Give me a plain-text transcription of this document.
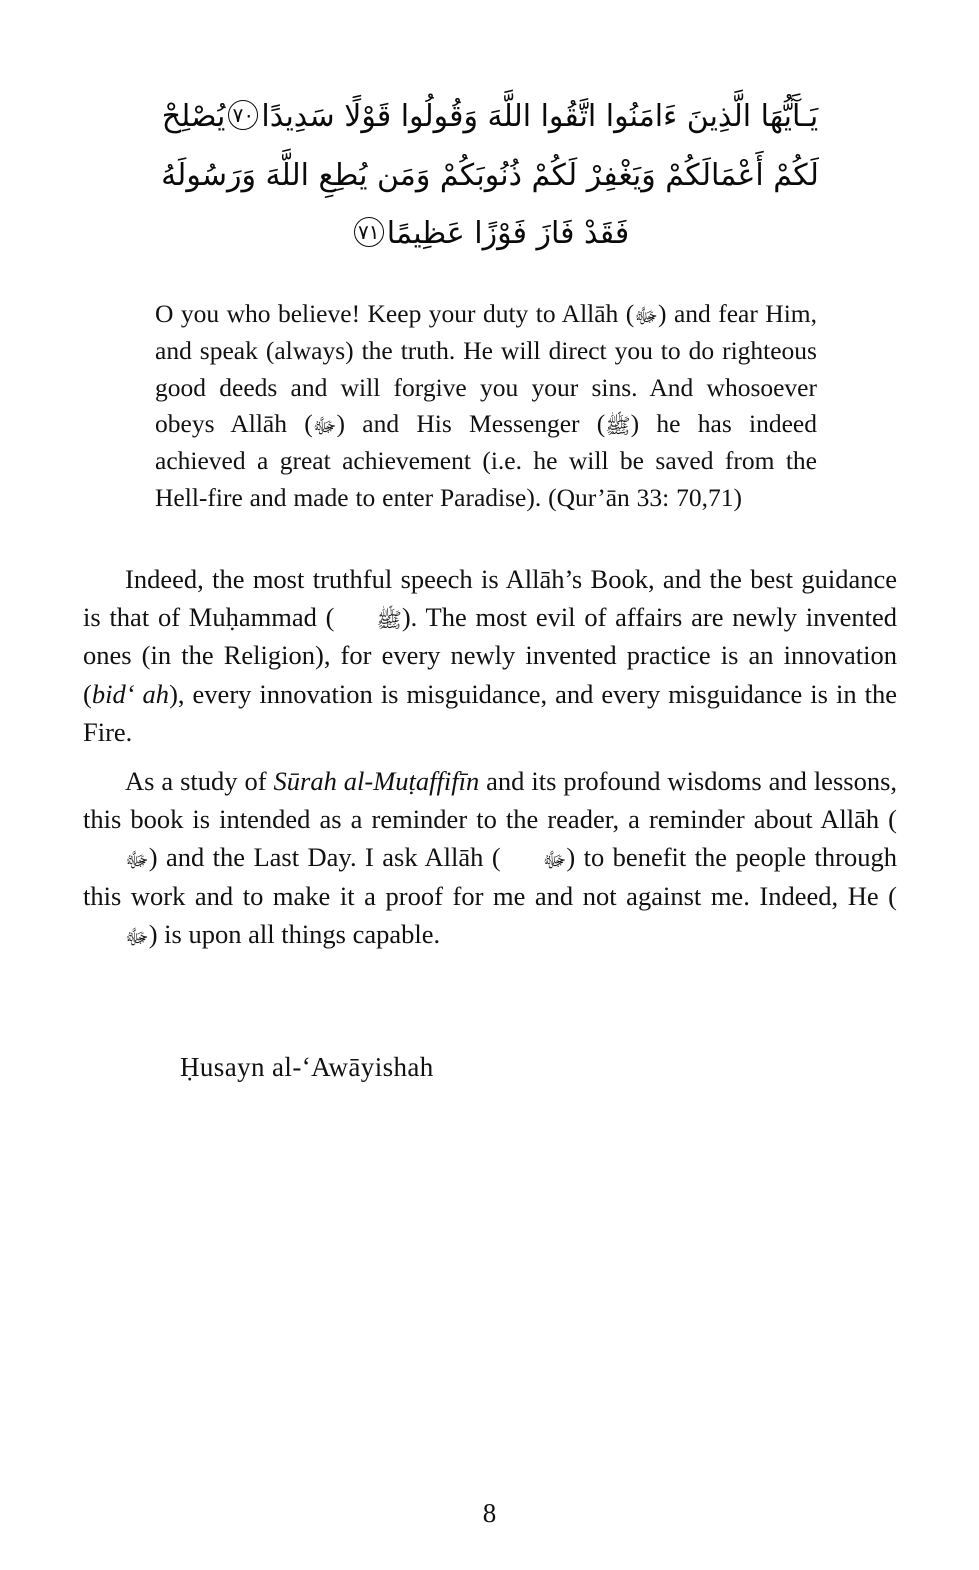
يَـآَيُّهَا الَّذِينَ ءَامَنُوا اتَّقُوا اللَّهَ وَقُولُوا قَوْلًا سَدِيدًا٧٠يُصْلِحْ
لَكُمْ أَعْمَالَكُمْ وَيَغْفِرْ لَكُمْ ذُنُوبَكُمْ وَمَن يُطِعِ اللَّهَ وَرَسُولَهُ
فَقَدْ فَازَ فَوْزًا عَظِيمًا٧١
O you who believe! Keep your duty to Allāh (ﷻ) and fear Him, and speak (always) the truth. He will direct you to do righteous good deeds and will forgive you your sins. And whosoever obeys Allāh (ﷻ) and His Messenger (ﷺ) he has indeed achieved a great achievement (i.e. he will be saved from the Hell-fire and made to enter Paradise). (Qur’ān 33: 70,71)
Indeed, the most truthful speech is Allāh’s Book, and the best guidance is that of Muḥammad ( ﷺ). The most evil of affairs are newly invented ones (in the Religion), for every newly invented practice is an innovation (bidʻ ah), every innovation is misguidance, and every misguidance is in the Fire.
As a study of Sūrah al-Muṭaffifīn and its profound wisdoms and lessons, this book is intended as a reminder to the reader, a reminder about Allāh (ﷻ) and the Last Day. I ask Allāh ( ﷻ) to benefit the people through this work and to make it a proof for me and not against me. Indeed, He (ﷻ) is upon all things capable.
Ḥusayn al-ʻAwāyishah
8
